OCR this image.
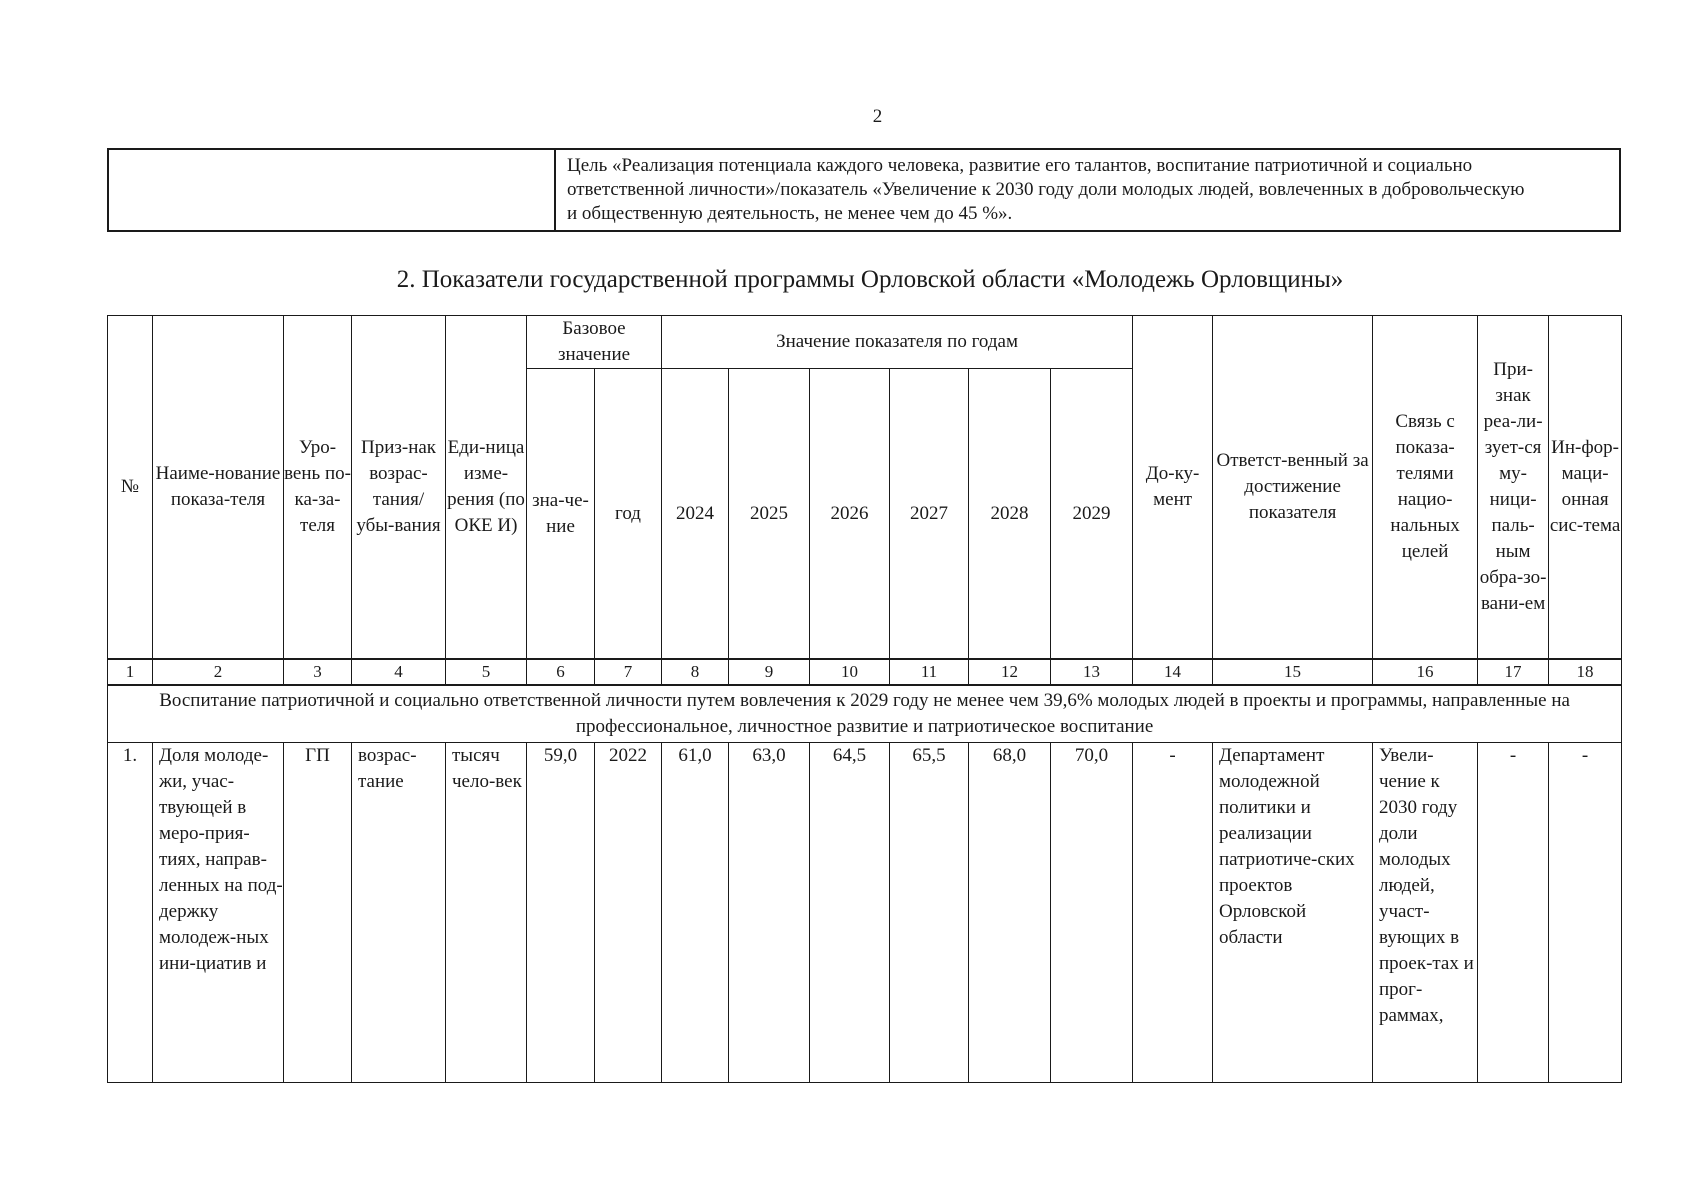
2
Цель «Реализация потенциала каждого человека, развитие его талантов, воспитание патриотичной и социально ответственной личности»/показатель «Увеличение к 2030 году доли молодых людей, вовлеченных в добровольческую и общественную деятельность, не менее чем до 45 %».
2. Показатели государственной программы Орловской области «Молодежь Орловщины»
№	Наиме-нование показа-теля	Уро-вень по-ка-за-теля	Приз-нак возрас-тания/ убы-вания	Еди-ница изме-рения (по ОКЕ И)	Базовое значение		Значение показателя по годам						До-ку-мент	Ответст-венный за достижение показателя	Связь с показа-телями нацио-нальных целей	При-знак реа-ли-зует-ся му-ници-паль-ным обра-зо-вани-ем	Ин-фор-маци-онная сис-тема
					зна-че-ние	год	2024	2025	2026	2027	2028	2029					
1	2	3	4	5	6	7	8	9	10	11	12	13	14	15	16	17	18
Воспитание патриотичной и социально ответственной личности путем вовлечения к 2029 году не менее чем 39,6% молодых людей в проекты и программы, направленные на профессиональное, личностное развитие и патриотическое воспитание
1.	Доля молоде-жи, учас-твующей в меро-прия-тиях, направ-ленных на под-держку молодеж-ных ини-циатив и	ГП	возрас-тание	тысяч чело-век	59,0	2022	61,0	63,0	64,5	65,5	68,0	70,0	-	Департамент молодежной политики и реализации патриотиче-ских проектов Орловской области	Увели-чение к 2030 году доли молодых людей, участ-вующих в проек-тах и прог-раммах,	-	-
